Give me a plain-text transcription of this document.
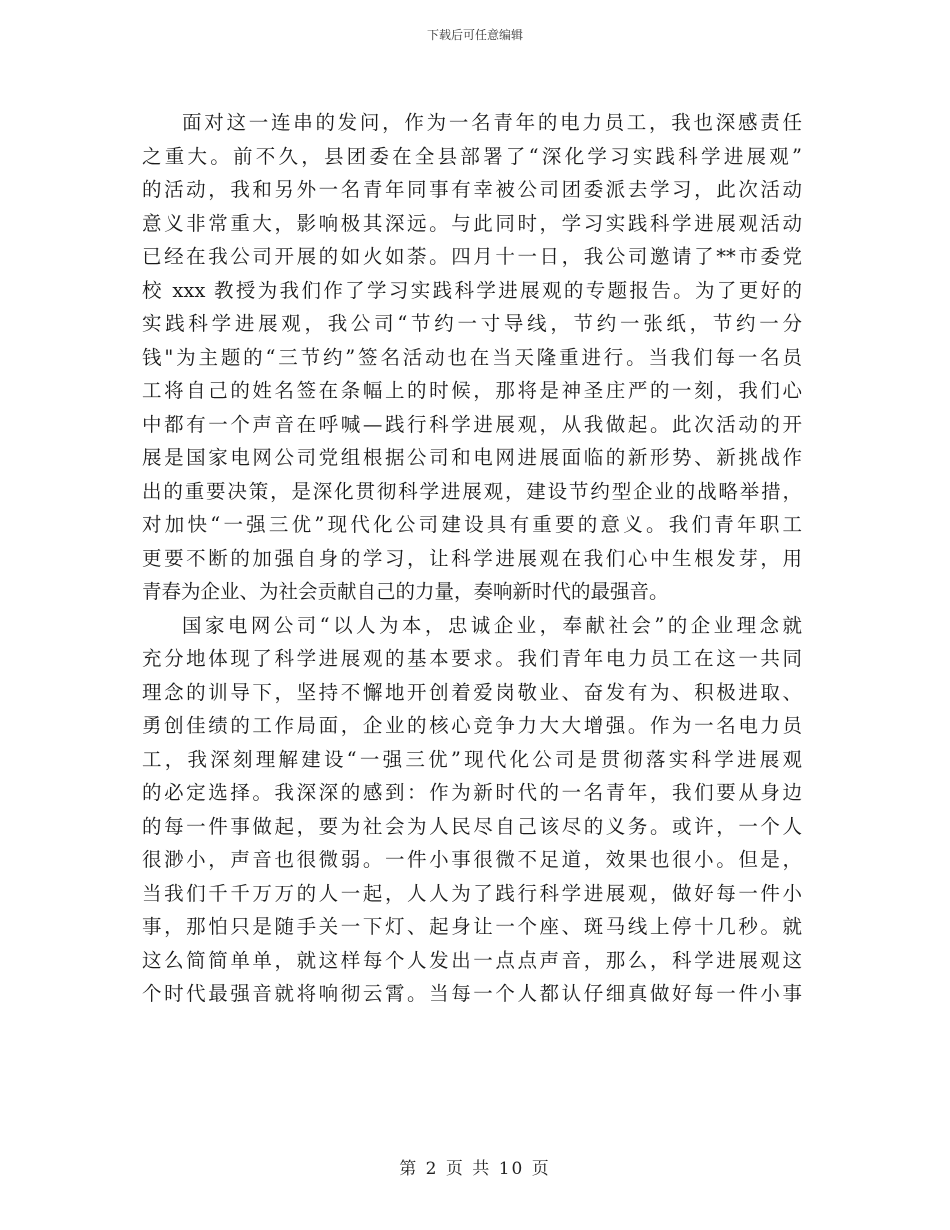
下载后可任意编辑
面对这一连串的发问，作为一名青年的电力员工，我也深感责任
之重大。前不久，县团委在全县部署了“深化学习实践科学进展观”
的活动，我和另外一名青年同事有幸被公司团委派去学习，此次活动
意义非常重大，影响极其深远。与此同时，学习实践科学进展观活动
已经在我公司开展的如火如荼。四月十一日，我公司邀请了**市委党
校 xxx 教授为我们作了学习实践科学进展观的专题报告。为了更好的
实践科学进展观，我公司“节约一寸导线，节约一张纸，节约一分
钱"为主题的“三节约”签名活动也在当天隆重进行。当我们每一名员
工将自己的姓名签在条幅上的时候，那将是神圣庄严的一刻，我们心
中都有一个声音在呼喊—践行科学进展观，从我做起。此次活动的开
展是国家电网公司党组根据公司和电网进展面临的新形势、新挑战作
出的重要决策，是深化贯彻科学进展观，建设节约型企业的战略举措，
对加快“一强三优”现代化公司建设具有重要的意义。我们青年职工
更要不断的加强自身的学习，让科学进展观在我们心中生根发芽，用
青春为企业、为社会贡献自己的力量，奏响新时代的最强音。
国家电网公司“以人为本，忠诚企业，奉献社会”的企业理念就
充分地体现了科学进展观的基本要求。我们青年电力员工在这一共同
理念的训导下，坚持不懈地开创着爱岗敬业、奋发有为、积极进取、
勇创佳绩的工作局面，企业的核心竞争力大大增强。作为一名电力员
工，我深刻理解建设“一强三优”现代化公司是贯彻落实科学进展观
的必定选择。我深深的感到：作为新时代的一名青年，我们要从身边
的每一件事做起，要为社会为人民尽自己该尽的义务。或许，一个人
很渺小，声音也很微弱。一件小事很微不足道，效果也很小。但是，
当我们千千万万的人一起，人人为了践行科学进展观，做好每一件小
事，那怕只是随手关一下灯、起身让一个座、斑马线上停十几秒。就
这么简简单单，就这样每个人发出一点点声音，那么，科学进展观这
个时代最强音就将响彻云霄。当每一个人都认仔细真做好每一件小事
第 2 页 共 10 页
